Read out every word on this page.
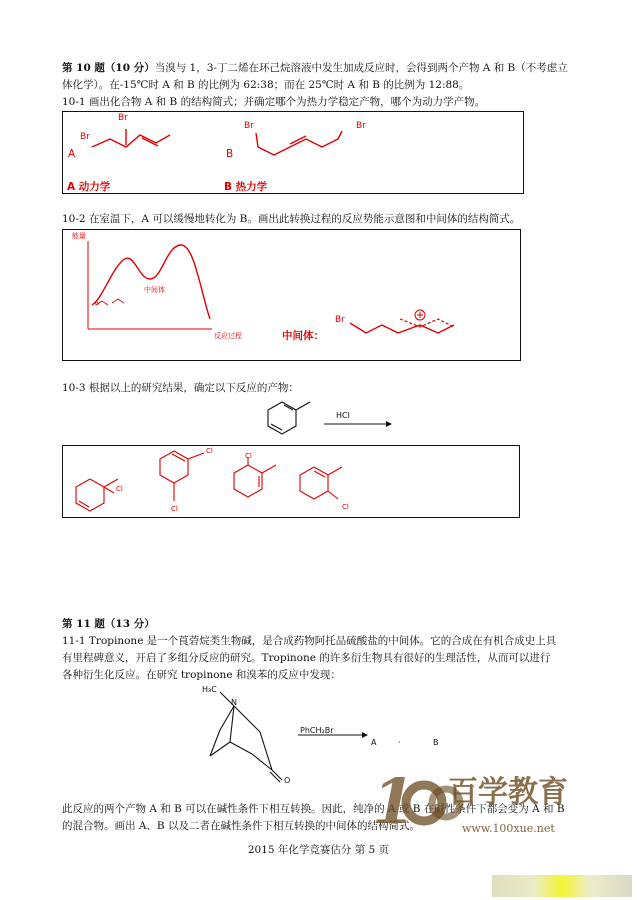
第 10 题（10 分）当溴与 1，3-丁二烯在环己烷溶液中发生加成反应时，会得到两个产物 A 和 B（不考虑立
体化学）。在-15℃时 A 和 B 的比例为 62:38；而在 25℃时 A 和 B 的比例为 12:88。
10-1 画出化合物 A 和 B 的结构简式；并确定哪个为热力学稳定产物，哪个为动力学产物。
Br
Br
A
Br	Br
B
A 动力学	B 热力学
10-2 在室温下，A 可以缓慢地转化为 B。画出此转换过程的反应势能示意图和中间体的结构简式。
能量
反应过程
中间体
Br
中间体：
Br
10-3 根据以上的研究结果，确定以下反应的产物：
HCl
Cl
Cl
Cl
Cl
Cl
第 11 题（13 分）
11-1 Tropinone 是一个莨菪烷类生物碱，是合成药物阿托品硫酸盐的中间体。它的合成在有机合成史上具
有里程碑意义，开启了多组分反应的研究。Tropinone 的许多衍生物具有很好的生理活性，从而可以进行
各种衍生化反应。在研究 tropinone 和溴苯的反应中发现：
H₃C
N
O
PhCH₂Br
A	·	B
此反应的两个产物 A 和 B 可以在碱性条件下相互转换。因此，纯净的 A 或 B 在碱性条件下都会变为 A 和 B
的混合物。画出 A、B 以及二者在碱性条件下相互转换的中间体的结构简式。
1 百学教育
www.100xue.net
2015 年化学竞赛估分 第 5 页
